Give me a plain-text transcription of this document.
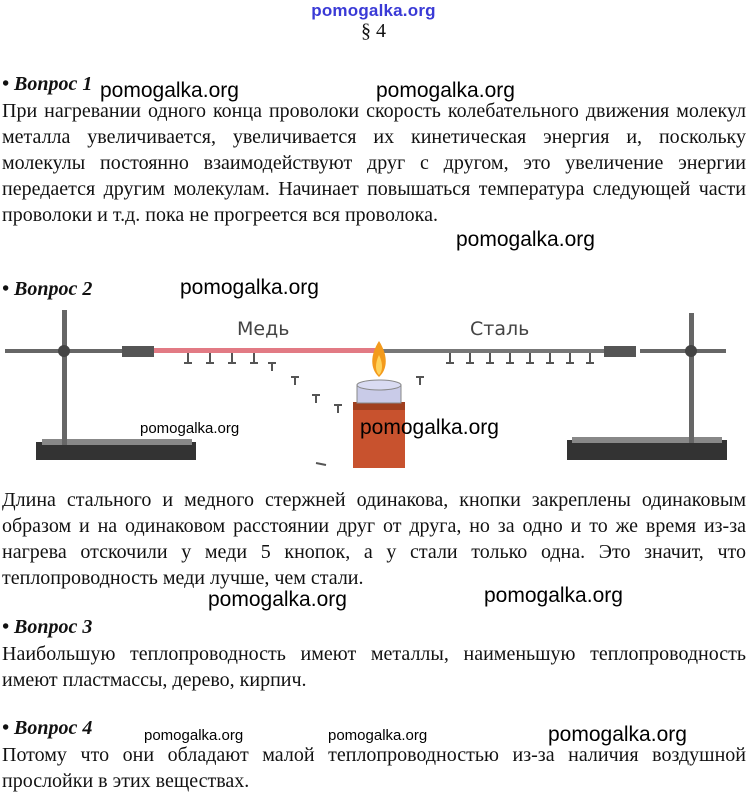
pomogalka.org
§ 4
• Вопрос 1
При нагревании одного конца проволоки скорость колебательного движения молекул металла увеличивается, увеличивается их кинетическая энергия и, поскольку молекулы постоянно взаимодействуют друг с другом, это увеличение энергии передается другим молекулам. Начинает повышаться температура следующей части проволоки и т.д. пока не прогреется вся проволока.
• Вопрос 2
Медь	Сталь
Длина стального и медного стержней одинакова, кнопки закреплены одинаковым образом и на одинаковом расстоянии друг от друга, но за одно и то же время из-за нагрева отскочили у меди 5 кнопок, а у стали только одна. Это значит, что теплопроводность меди лучше, чем стали.
• Вопрос 3
Наибольшую теплопроводность имеют металлы, наименьшую теплопроводность имеют пластмассы, дерево, кирпич.
• Вопрос 4
Потому что они обладают малой теплопроводностью из-за наличия воздушной прослойки в этих веществах.
pomogalka.org	pomogalka.org
pomogalka.org
pomogalka.org
pomogalka.org	pomogalka.org
pomogalka.org	pomogalka.org
pomogalka.org	pomogalka.org	pomogalka.org
